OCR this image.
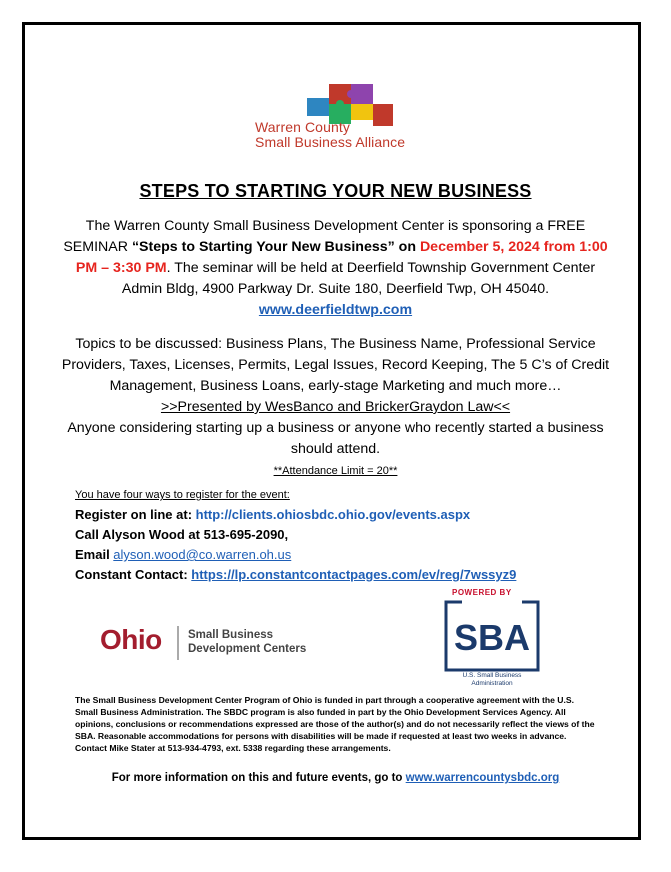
Warren County
Small Business Alliance
STEPS TO STARTING YOUR NEW BUSINESS
The Warren County Small Business Development Center is sponsoring a FREE SEMINAR “Steps to Starting Your New Business” on December 5, 2024 from 1:00 PM – 3:30 PM. The seminar will be held at Deerfield Township Government Center Admin Bldg, 4900 Parkway Dr. Suite 180, Deerfield Twp, OH 45040.
www.deerfieldtwp.com
Topics to be discussed: Business Plans, The Business Name, Professional Service Providers, Taxes, Licenses, Permits, Legal Issues, Record Keeping, The 5 C’s of Credit Management, Business Loans, early-stage Marketing and much more…
>>Presented by WesBanco and BrickerGraydon Law<<
Anyone considering starting up a business or anyone who recently started a business should attend.
**Attendance Limit = 20**
You have four ways to register for the event:
Register on line at: http://clients.ohiosbdc.ohio.gov/events.aspx
Call Alyson Wood at 513-695-2090,
Email alyson.wood@co.warren.oh.us
Constant Contact: https://lp.constantcontactpages.com/ev/reg/7wssyz9
Ohio Small Business
Development Centers
POWERED BY
SBA
U.S. Small Business
Administration
The Small Business Development Center Program of Ohio is funded in part through a cooperative agreement with the U.S. Small Business Administration. The SBDC program is also funded in part by the Ohio Development Services Agency. All opinions, conclusions or recommendations expressed are those of the author(s) and do not necessarily reflect the views of the SBA. Reasonable accommodations for persons with disabilities will be made if requested at least two weeks in advance. Contact Mike Stater at 513-934-4793, ext. 5338 regarding these arrangements.
For more information on this and future events, go to www.warrencountysbdc.org
